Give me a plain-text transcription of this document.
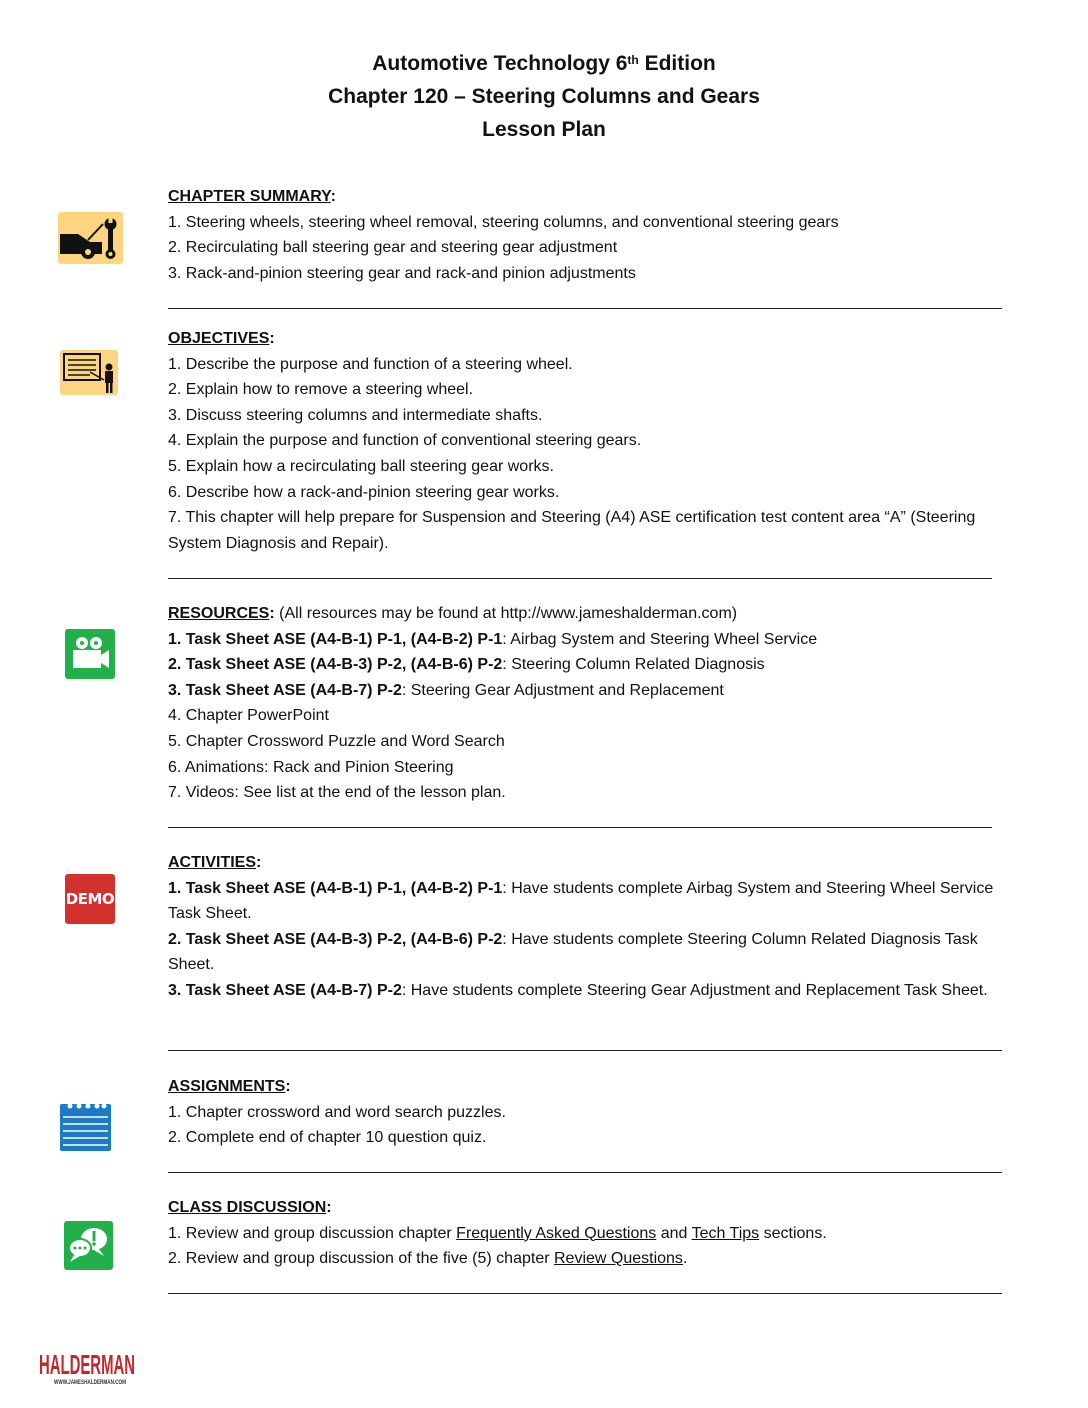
Automotive Technology 6th Edition
Chapter 120 – Steering Columns and Gears
Lesson Plan
CHAPTER SUMMARY:
1. Steering wheels, steering wheel removal, steering columns, and conventional steering gears
2. Recirculating ball steering gear and steering gear adjustment
3. Rack-and-pinion steering gear and rack-and pinion adjustments
OBJECTIVES:
1. Describe the purpose and function of a steering wheel.
2. Explain how to remove a steering wheel.
3. Discuss steering columns and intermediate shafts.
4. Explain the purpose and function of conventional steering gears.
5. Explain how a recirculating ball steering gear works.
6. Describe how a rack-and-pinion steering gear works.
7. This chapter will help prepare for Suspension and Steering (A4) ASE certification test content area “A” (Steering System Diagnosis and Repair).
RESOURCES: (All resources may be found at http://www.jameshalderman.com)
1. Task Sheet ASE (A4-B-1) P-1, (A4-B-2) P-1: Airbag System and Steering Wheel Service
2. Task Sheet ASE (A4-B-3) P-2, (A4-B-6) P-2: Steering Column Related Diagnosis
3. Task Sheet ASE (A4-B-7) P-2: Steering Gear Adjustment and Replacement
4. Chapter PowerPoint
5. Chapter Crossword Puzzle and Word Search
6. Animations: Rack and Pinion Steering
7. Videos: See list at the end of the lesson plan.
DEMO
ACTIVITIES:
1. Task Sheet ASE (A4-B-1) P-1, (A4-B-2) P-1: Have students complete Airbag System and Steering Wheel Service Task Sheet.
2. Task Sheet ASE (A4-B-3) P-2, (A4-B-6) P-2: Have students complete Steering Column Related Diagnosis Task Sheet.
3. Task Sheet ASE (A4-B-7) P-2: Have students complete Steering Gear Adjustment and Replacement Task Sheet.
ASSIGNMENTS:
1. Chapter crossword and word search puzzles.
2. Complete end of chapter 10 question quiz.
CLASS DISCUSSION:
1. Review and group discussion chapter Frequently Asked Questions and Tech Tips sections.
2. Review and group discussion of the five (5) chapter Review Questions.
HALDERMAN
WWW.JAMESHALDERMAN.COM
